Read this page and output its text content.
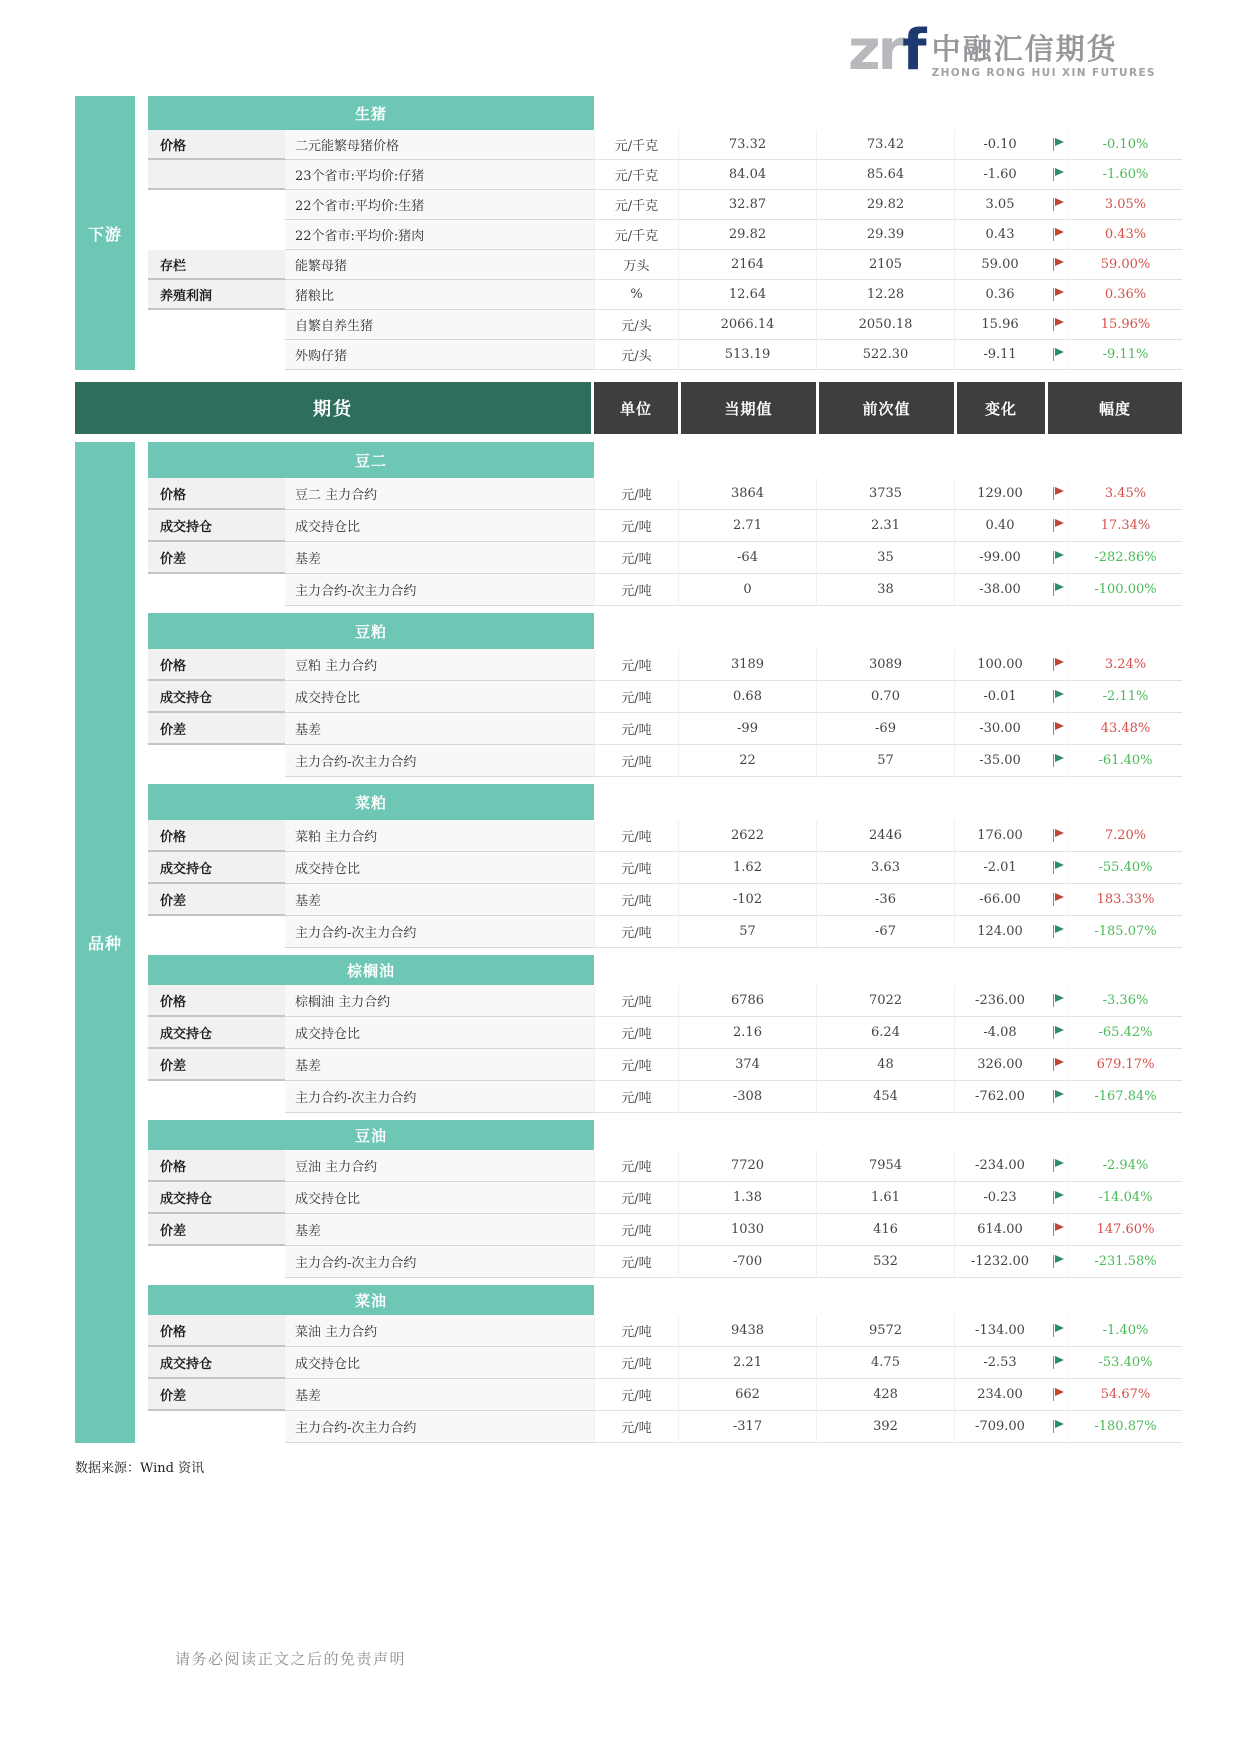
zrf 中融汇信期货
ZHONG RONG HUI XIN FUTURES
下游
生猪
价格	二元能繁母猪价格	元/千克	73.32	73.42	-0.10	-0.10%
23个省市:平均价:仔猪	元/千克	84.04	85.64	-1.60	-1.60%
22个省市:平均价:生猪	元/千克	32.87	29.82	3.05	3.05%
22个省市:平均价:猪肉	元/千克	29.82	29.39	0.43	0.43%
存栏	能繁母猪	万头	2164	2105	59.00	59.00%
养殖利润	猪粮比	%	12.64	12.28	0.36	0.36%
自繁自养生猪	元/头	2066.14	2050.18	15.96	15.96%
外购仔猪	元/头	513.19	522.30	-9.11	-9.11%
期货	单位	当期值	前次值	变化	幅度
品种
豆二
价格	豆二 主力合约	元/吨	3864	3735	129.00	3.45%
成交持仓	成交持仓比	元/吨	2.71	2.31	0.40	17.34%
价差	基差	元/吨	-64	35	-99.00	-282.86%
主力合约-次主力合约	元/吨	0	38	-38.00	-100.00%
豆粕
价格	豆粕 主力合约	元/吨	3189	3089	100.00	3.24%
成交持仓	成交持仓比	元/吨	0.68	0.70	-0.01	-2.11%
价差	基差	元/吨	-99	-69	-30.00	43.48%
主力合约-次主力合约	元/吨	22	57	-35.00	-61.40%
菜粕
价格	菜粕 主力合约	元/吨	2622	2446	176.00	7.20%
成交持仓	成交持仓比	元/吨	1.62	3.63	-2.01	-55.40%
价差	基差	元/吨	-102	-36	-66.00	183.33%
主力合约-次主力合约	元/吨	57	-67	124.00	-185.07%
棕榈油
价格	棕榈油 主力合约	元/吨	6786	7022	-236.00	-3.36%
成交持仓	成交持仓比	元/吨	2.16	6.24	-4.08	-65.42%
价差	基差	元/吨	374	48	326.00	679.17%
主力合约-次主力合约	元/吨	-308	454	-762.00	-167.84%
豆油
价格	豆油 主力合约	元/吨	7720	7954	-234.00	-2.94%
成交持仓	成交持仓比	元/吨	1.38	1.61	-0.23	-14.04%
价差	基差	元/吨	1030	416	614.00	147.60%
主力合约-次主力合约	元/吨	-700	532	-1232.00	-231.58%
菜油
价格	菜油 主力合约	元/吨	9438	9572	-134.00	-1.40%
成交持仓	成交持仓比	元/吨	2.21	4.75	-2.53	-53.40%
价差	基差	元/吨	662	428	234.00	54.67%
主力合约-次主力合约	元/吨	-317	392	-709.00	-180.87%
数据来源：Wind 资讯
请务必阅读正文之后的免责声明
